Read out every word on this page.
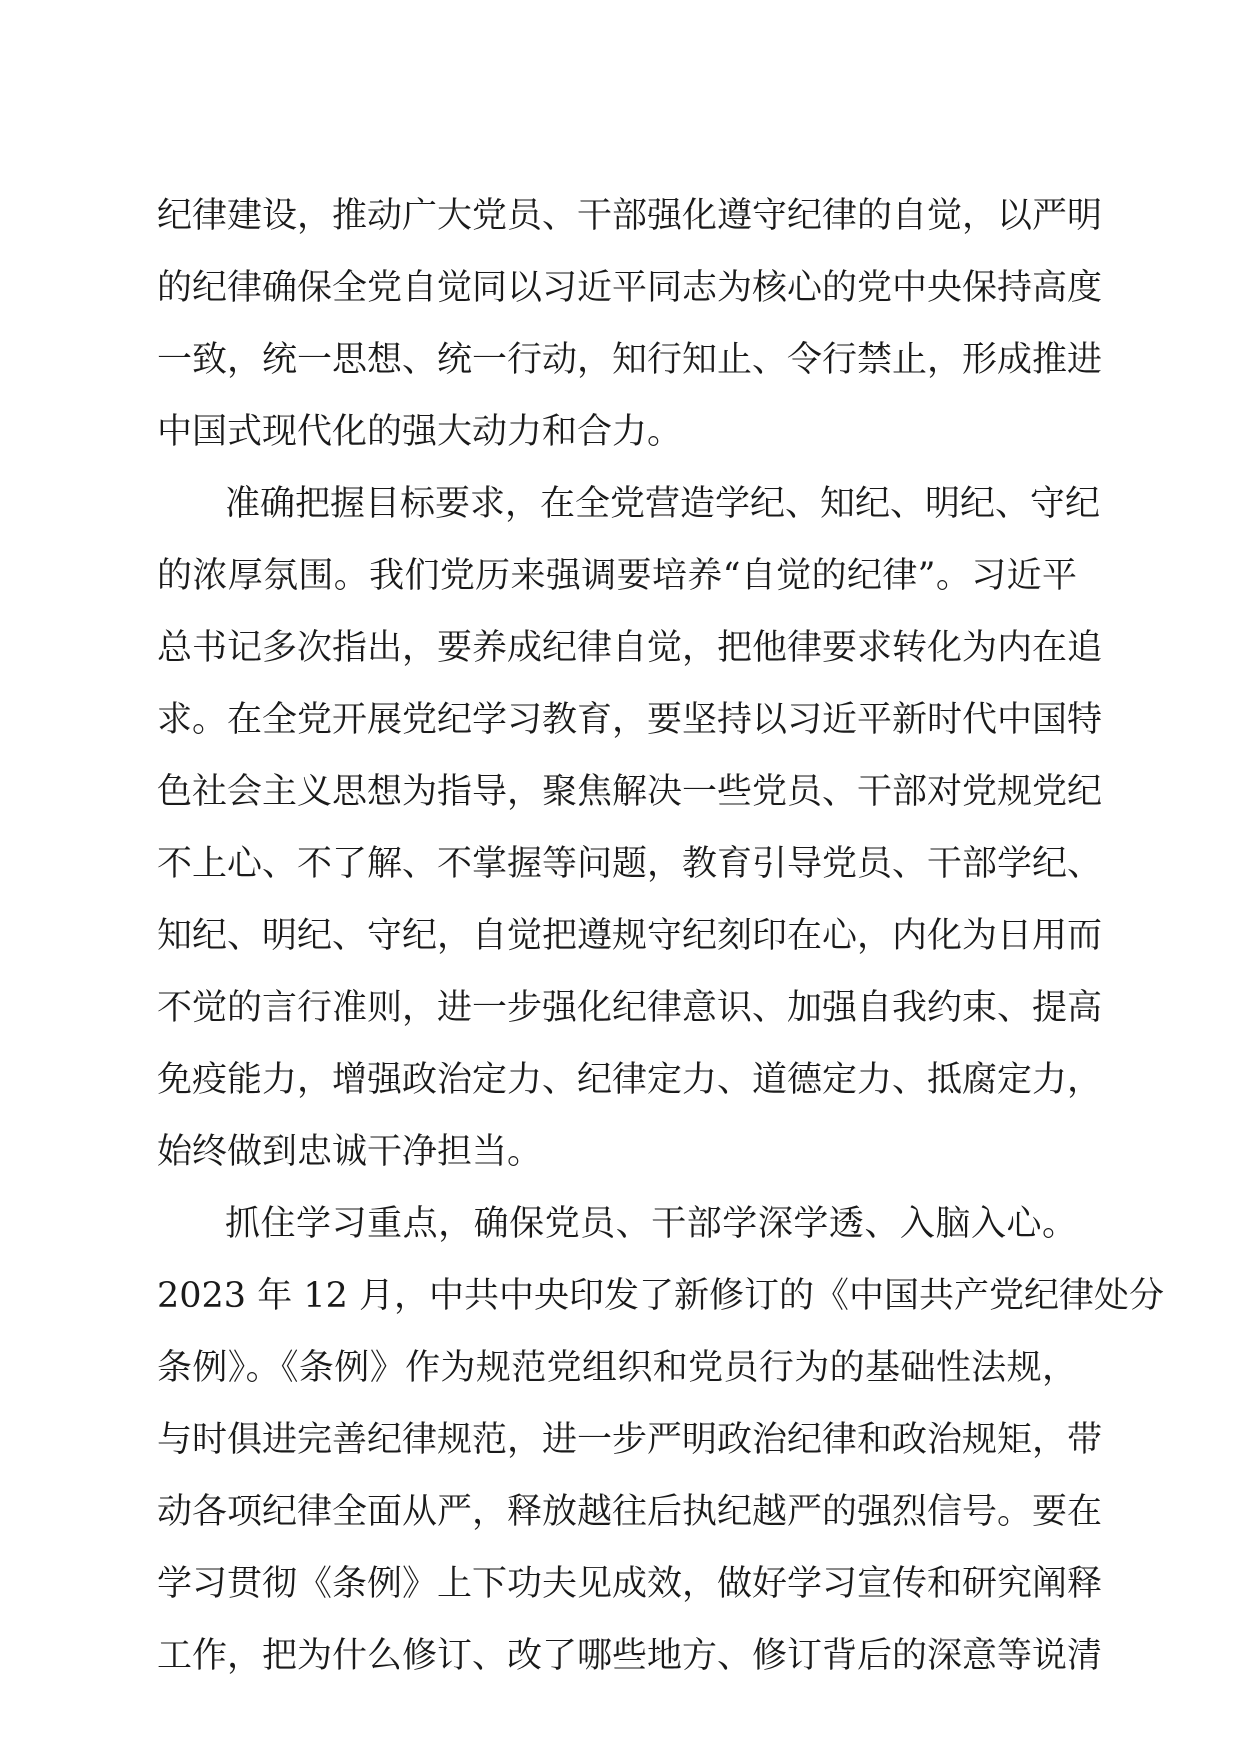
纪律建设，推动广大党员、干部强化遵守纪律的自觉，以严明
的纪律确保全党自觉同以习近平同志为核心的党中央保持高度
一致，统一思想、统一行动，知行知止、令行禁止，形成推进
中国式现代化的强大动力和合力。
准确把握目标要求，在全党营造学纪、知纪、明纪、守纪
的浓厚氛围。我们党历来强调要培养“自觉的纪律”。习近平
总书记多次指出，要养成纪律自觉，把他律要求转化为内在追
求。在全党开展党纪学习教育，要坚持以习近平新时代中国特
色社会主义思想为指导，聚焦解决一些党员、干部对党规党纪
不上心、不了解、不掌握等问题，教育引导党员、干部学纪、
知纪、明纪、守纪，自觉把遵规守纪刻印在心，内化为日用而
不觉的言行准则，进一步强化纪律意识、加强自我约束、提高
免疫能力，增强政治定力、纪律定力、道德定力、抵腐定力，
始终做到忠诚干净担当。
抓住学习重点，确保党员、干部学深学透、入脑入心。
2023 年 12 月，中共中央印发了新修订的《中国共产党纪律处分
条例》。《条例》作为规范党组织和党员行为的基础性法规，
与时俱进完善纪律规范，进一步严明政治纪律和政治规矩，带
动各项纪律全面从严，释放越往后执纪越严的强烈信号。要在
学习贯彻《条例》上下功夫见成效，做好学习宣传和研究阐释
工作，把为什么修订、改了哪些地方、修订背后的深意等说清
